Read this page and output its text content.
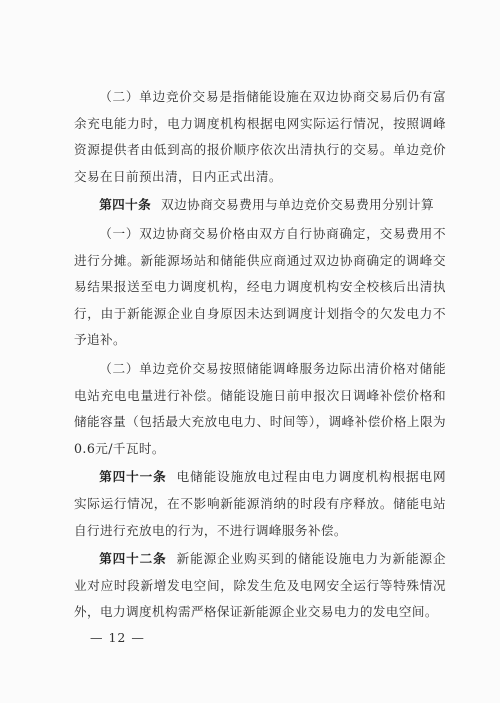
（二）单边竞价交易是指储能设施在双边协商交易后仍有富余充电能力时，电力调度机构根据电网实际运行情况，按照调峰资源提供者由低到高的报价顺序依次出清执行的交易。单边竞价交易在日前预出清，日内正式出清。

第四十条 双边协商交易费用与单边竞价交易费用分别计算

（一）双边协商交易价格由双方自行协商确定，交易费用不进行分摊。新能源场站和储能供应商通过双边协商确定的调峰交易结果报送至电力调度机构，经电力调度机构安全校核后出清执行，由于新能源企业自身原因未达到调度计划指令的欠发电力不予追补。

（二）单边竞价交易按照储能调峰服务边际出清价格对储能电站充电电量进行补偿。储能设施日前申报次日调峰补偿价格和储能容量（包括最大充放电电力、时间等），调峰补偿价格上限为0.6元/千瓦时。

第四十一条 电储能设施放电过程由电力调度机构根据电网实际运行情况，在不影响新能源消纳的时段有序释放。储能电站自行进行充放电的行为，不进行调峰服务补偿。

第四十二条 新能源企业购买到的储能设施电力为新能源企业对应时段新增发电空间，除发生危及电网安全运行等特殊情况外，电力调度机构需严格保证新能源企业交易电力的发电空间。

— 12 —
